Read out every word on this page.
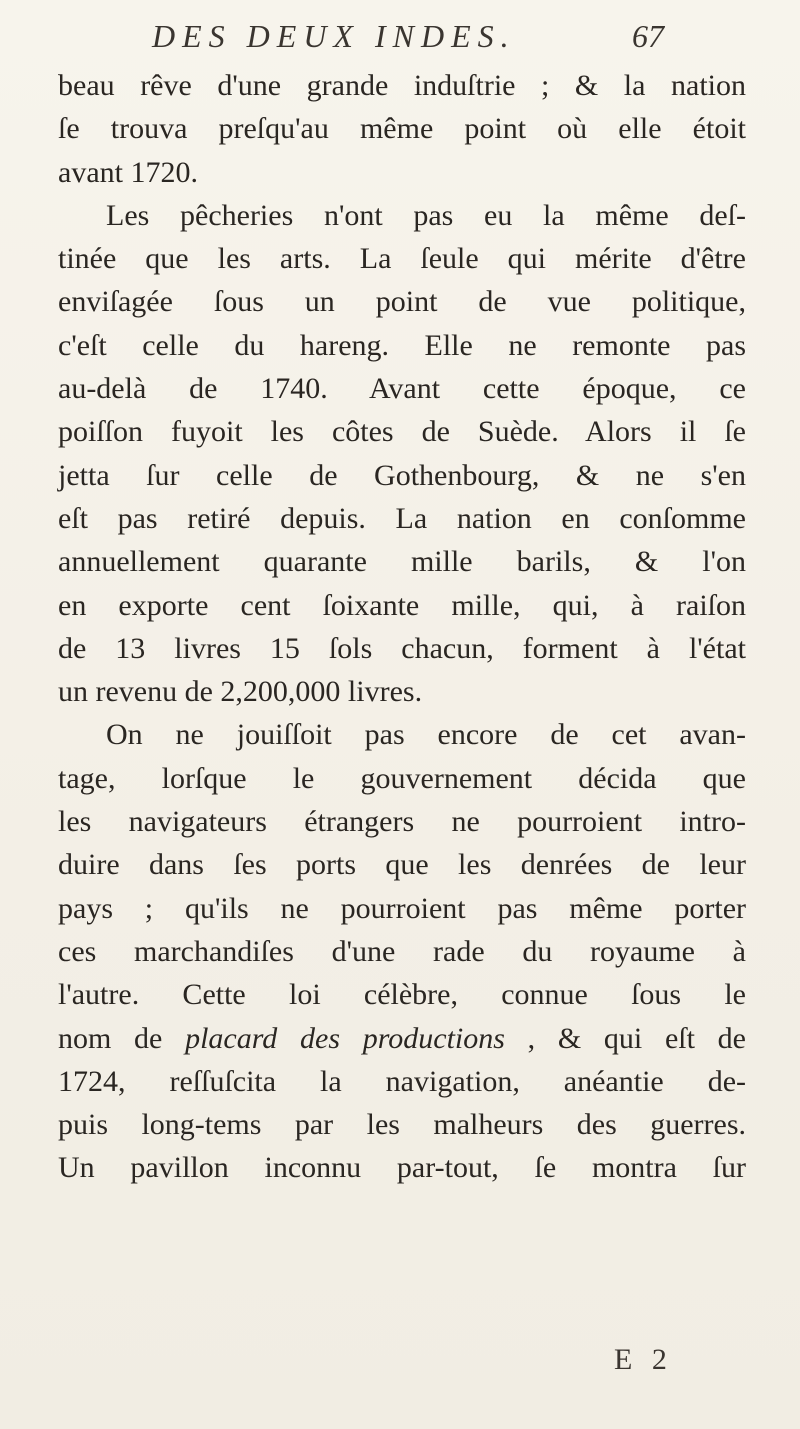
DES DEUX INDES.	67
beau rêve d'une grande induſtrie ; & la nation
ſe trouva preſqu'au même point où elle étoit
avant 1720.
Les pêcheries n'ont pas eu la même deſ-
tinée que les arts. La ſeule qui mérite d'être
enviſagée ſous un point de vue politique,
c'eſt celle du hareng. Elle ne remonte pas
au-delà de 1740. Avant cette époque, ce
poiſſon fuyoit les côtes de Suède. Alors il ſe
jetta ſur celle de Gothenbourg, & ne s'en
eſt pas retiré depuis. La nation en conſomme
annuellement quarante mille barils, & l'on
en exporte cent ſoixante mille, qui, à raiſon
de 13 livres 15 ſols chacun, forment à l'état
un revenu de 2,200,000 livres.
On ne jouiſſoit pas encore de cet avan-
tage, lorſque le gouvernement décida que
les navigateurs étrangers ne pourroient intro-
duire dans ſes ports que les denrées de leur
pays ; qu'ils ne pourroient pas même porter
ces marchandiſes d'une rade du royaume à
l'autre. Cette loi célèbre, connue ſous le
nom de placard des productions , & qui eſt de
1724, reſſuſcita la navigation, anéantie de-
puis long-tems par les malheurs des guerres.
Un pavillon inconnu par-tout, ſe montra ſur
E 2
